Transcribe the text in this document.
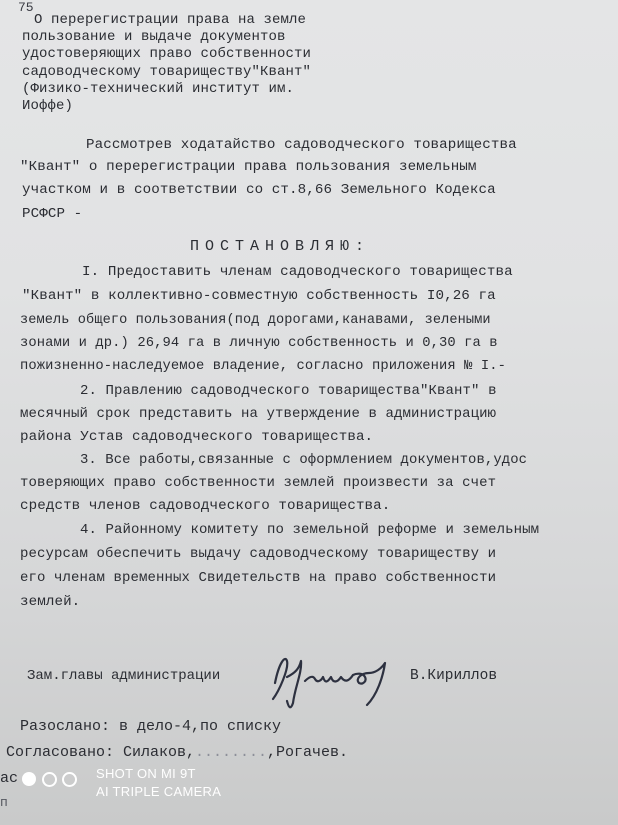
75
О перерегистрации права на земле
пользование и выдаче документов
удостоверяющих право собственности
садоводческому товариществу"Квант"
(Физико-технический институт им.
Иоффе)
Рассмотрев ходатайство садоводческого товарищества
"Квант" о перерегистрации права пользования земельным
участком и в соответствии со ст.8,66 Земельного Кодекса
РСФСР -
ПОСТАНОВЛЯЮ:
I. Предоставить членам садоводческого товарищества
"Квант" в коллективно-совместную собственность I0,26 га
земель общего пользования(под дорогами,канавами, зелеными
зонами и др.) 26,94 га в личную собственность и 0,30 га в
пожизненно-наследуемое владение, согласно приложения № I.-
2. Правлению садоводческого товарищества"Квант" в
месячный срок представить на утверждение в администрацию
района Устав садоводческого товарищества.
3. Все работы,связанные с оформлением документов,удос
товеряющих право собственности землей произвести за счет
средств членов садоводческого товарищества.
4. Районному комитету по земельной реформе и земельным
ресурсам обеспечить выдачу садоводческому товариществу и
его членам временных Свидетельств на право собственности
землей.
Зам.главы администрации	В.Кириллов
Разослано: в дело-4,по списку
Согласовано: Силаков,........,Рогачев.
ас
п
SHOT ON MI 9T
AI TRIPLE CAMERA
